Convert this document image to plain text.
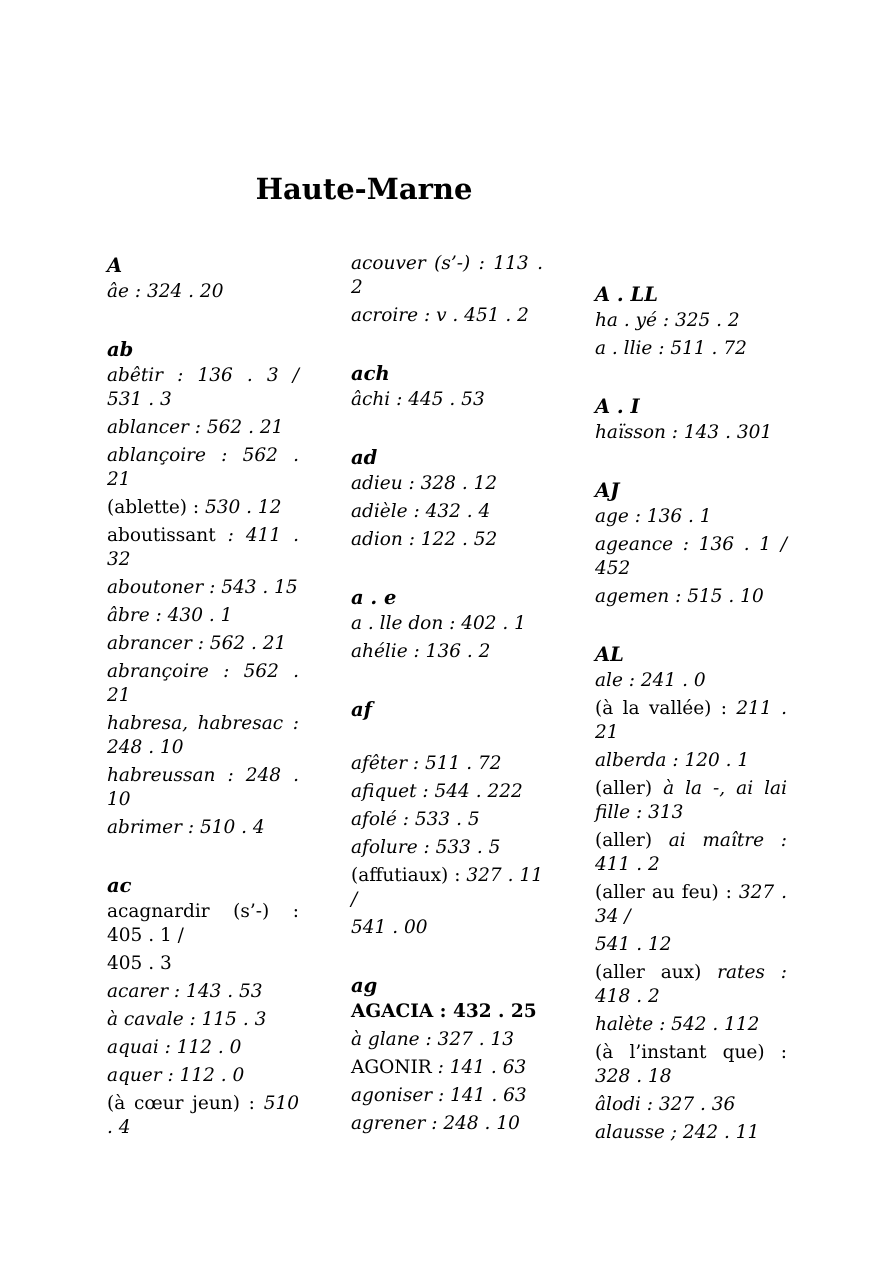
Haute-Marne
A
âe : 324 . 20
ab
abêtir : 136 . 3 / 531 . 3
ablancer : 562 . 21
ablançoire : 562 . 21
(ablette) : 530 . 12
aboutissant : 411 . 32
aboutoner : 543 . 15
âbre : 430 . 1
abrancer : 562 . 21
abrançoire : 562 . 21
habresa, habresac : 248 . 10
habreussan : 248 . 10
abrimer : 510 . 4
ac
acagnardir (s’-) : 405 . 1 /
405 . 3
acarer : 143 . 53
à cavale : 115 . 3
aquai : 112 . 0
aquer : 112 . 0
(à cœur jeun) : 510 . 4
acouver (s’-) : 113 . 2
acroire : v . 451 . 2
ach
âchi : 445 . 53
ad
adieu : 328 . 12
adièle : 432 . 4
adion : 122 . 52
a . e
a . lle don : 402 . 1
ahélie : 136 . 2
af
afêter : 511 . 72
afiquet : 544 . 222
afolé : 533 . 5
afolure : 533 . 5
(affutiaux) : 327 . 11 /
541 . 00
ag
AGACIA : 432 . 25
à glane : 327 . 13
AGONIR : 141 . 63
agoniser : 141 . 63
agrener : 248 . 10
A . LL
ha . yé : 325 . 2
a . llie : 511 . 72
A . I
haïsson : 143 . 301
AJ
age : 136 . 1
ageance : 136 . 1 / 452
agemen : 515 . 10
AL
ale : 241 . 0
(à la vallée) : 211 . 21
alberda : 120 . 1
(aller) à la -, ai lai fille : 313
(aller) ai maître : 411 . 2
(aller au feu) : 327 . 34 /
541 . 12
(aller aux) rates : 418 . 2
halète : 542 . 112
(à l’instant que) : 328 . 18
âlodi : 327 . 36
alausse ; 242 . 11
